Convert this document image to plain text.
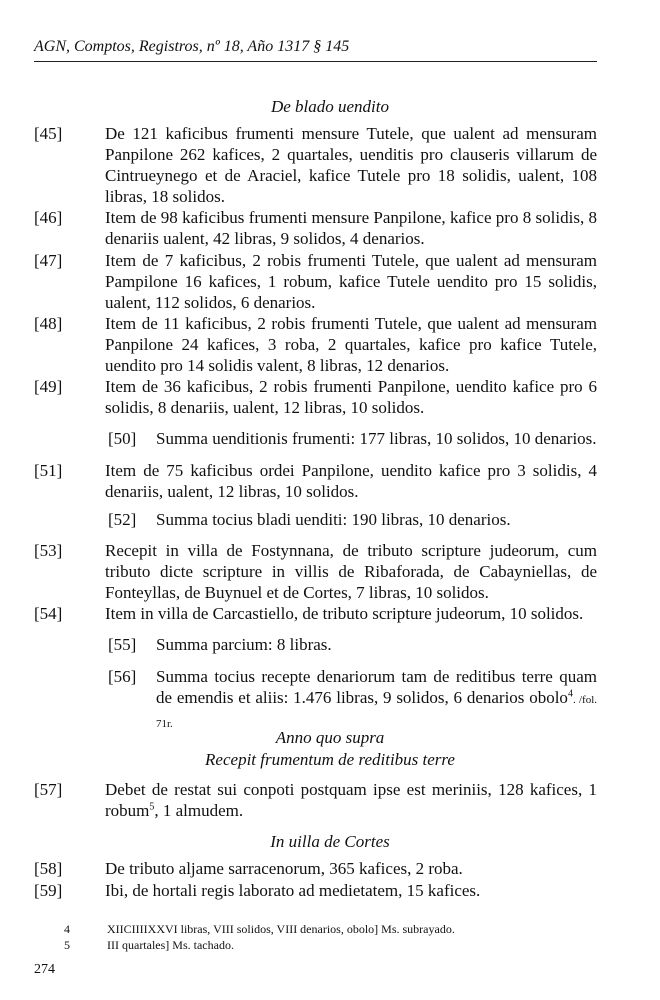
AGN, Comptos, Registros, nº 18, Año 1317 § 145
De blado uendito
[45]	De 121 kaficibus frumenti mensure Tutele, que ualent ad mensuram Panpilone 262 kafices, 2 quartales, uenditis pro clauseris villarum de Cintrueynego et de Araciel, kafice Tutele pro 18 solidis, ualent, 108 libras, 18 solidos.
[46]	Item de 98 kaficibus frumenti mensure Panpilone, kafice pro 8 solidis, 8 denariis ualent, 42 libras, 9 solidos, 4 denarios.
[47]	Item de 7 kaficibus, 2 robis frumenti Tutele, que ualent ad mensuram Pampilone 16 kafices, 1 robum, kafice Tutele uendito pro 15 solidis, ualent, 112 solidos, 6 denarios.
[48]	Item de 11 kaficibus, 2 robis frumenti Tutele, que ualent ad mensuram Panpilone 24 kafices, 3 roba, 2 quartales, kafice pro kafice Tutele, uendito pro 14 solidis valent, 8 libras, 12 denarios.
[49]	Item de 36 kaficibus, 2 robis frumenti Panpilone, uendito kafice pro 6 solidis, 8 denariis, ualent, 12 libras, 10 solidos.
[50] Summa uenditionis frumenti: 177 libras, 10 solidos, 10 denarios.
[51]	Item de 75 kaficibus ordei Panpilone, uendito kafice pro 3 solidis, 4 denariis, ualent, 12 libras, 10 solidos.
[52] Summa tocius bladi uenditi: 190 libras, 10 denarios.
[53]	Recepit in villa de Fostynnana, de tributo scripture judeorum, cum tributo dicte scripture in villis de Ribaforada, de Cabayniellas, de Fonteyllas, de Buynuel et de Cortes, 7 libras, 10 solidos.
[54]	Item in villa de Carcastiello, de tributo scripture judeorum, 10 solidos.
[55] Summa parcium: 8 libras.
[56] Summa tocius recepte denariorum tam de reditibus terre quam de emendis et aliis: 1.476 libras, 9 solidos, 6 denarios obolo$^4$. /fol. 71r.
Anno quo supra
Recepit frumentum de reditibus terre
[57]	Debet de restat sui conpoti postquam ipse est meriniis, 128 kafices, 1 robum$^5$, 1 almudem.
In uilla de Cortes
[58]	De tributo aljame sarracenorum, 365 kafices, 2 roba.
[59]	Ibi, de hortali regis laborato ad medietatem, 15 kafices.
4	XIICIIIIXXVI libras, VIII solidos, VIII denarios, obolo] Ms. subrayado.
5	III quartales] Ms. tachado.
274
